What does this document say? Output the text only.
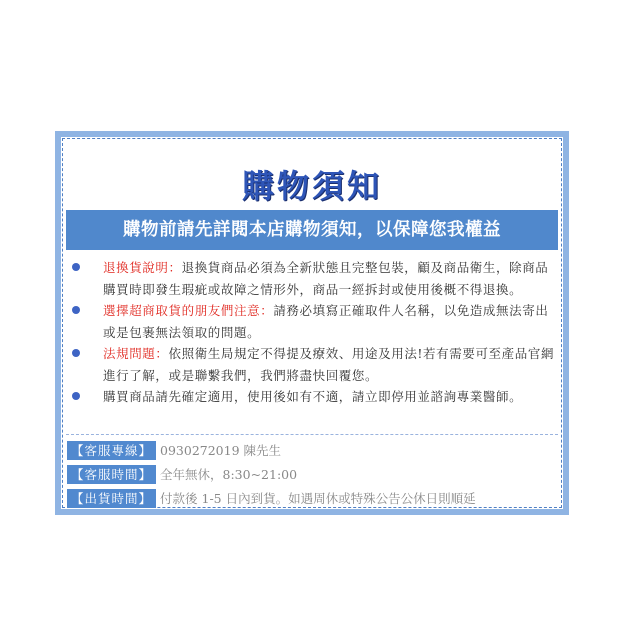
購物須知
購物前請先詳閱本店購物須知，以保障您我權益
退換貨說明：退換貨商品必須為全新狀態且完整包裝，顧及商品衛生，除商品購買時即發生瑕疵或故障之情形外，商品一經拆封或使用後概不得退換。
選擇超商取貨的朋友們注意：請務必填寫正確取件人名稱，以免造成無法寄出或是包裹無法領取的問題。
法規問題：依照衛生局規定不得提及療效、用途及用法!若有需要可至產品官網進行了解，或是聯繫我們，我們將盡快回覆您。
購買商品請先確定適用，使用後如有不適，請立即停用並諮詢專業醫師。
【客服專線】 0930272019 陳先生
【客服時間】 全年無休，8:30~21:00
【出貨時間】 付款後 1-5 日內到貨。如遇周休或特殊公告公休日則順延
